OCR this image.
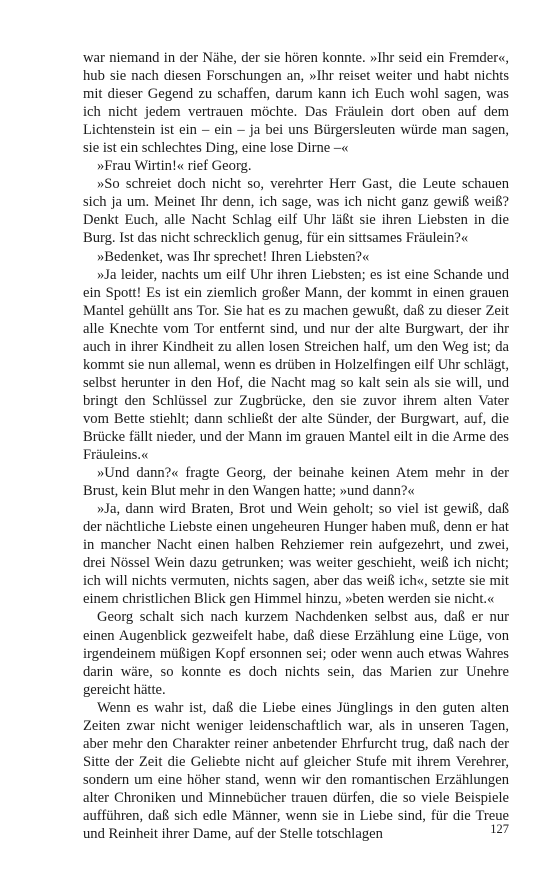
war niemand in der Nähe, der sie hören konnte. »Ihr seid ein Fremder«, hub sie nach diesen Forschungen an, »Ihr reiset weiter und habt nichts mit dieser Gegend zu schaffen, darum kann ich Euch wohl sagen, was ich nicht jedem vertrauen möchte. Das Fräulein dort oben auf dem Lichtenstein ist ein – ein – ja bei uns Bürgersleuten würde man sagen, sie ist ein schlechtes Ding, eine lose Dirne –«

»Frau Wirtin!« rief Georg.

»So schreiet doch nicht so, verehrter Herr Gast, die Leute schauen sich ja um. Meinet Ihr denn, ich sage, was ich nicht ganz gewiß weiß? Denkt Euch, alle Nacht Schlag eilf Uhr läßt sie ihren Liebsten in die Burg. Ist das nicht schrecklich genug, für ein sittsames Fräulein?«

»Bedenket, was Ihr sprechet! Ihren Liebsten?«

»Ja leider, nachts um eilf Uhr ihren Liebsten; es ist eine Schande und ein Spott! Es ist ein ziemlich großer Mann, der kommt in einen grauen Mantel gehüllt ans Tor. Sie hat es zu machen gewußt, daß zu dieser Zeit alle Knechte vom Tor entfernt sind, und nur der alte Burgwart, der ihr auch in ihrer Kindheit zu allen losen Streichen half, um den Weg ist; da kommt sie nun allemal, wenn es drüben in Holzelfingen eilf Uhr schlägt, selbst herunter in den Hof, die Nacht mag so kalt sein als sie will, und bringt den Schlüssel zur Zugbrücke, den sie zuvor ihrem alten Vater vom Bette stiehlt; dann schließt der alte Sünder, der Burgwart, auf, die Brücke fällt nieder, und der Mann im grauen Mantel eilt in die Arme des Fräuleins.«

»Und dann?« fragte Georg, der beinahe keinen Atem mehr in der Brust, kein Blut mehr in den Wangen hatte; »und dann?«

»Ja, dann wird Braten, Brot und Wein geholt; so viel ist gewiß, daß der nächtliche Liebste einen ungeheuren Hunger haben muß, denn er hat in mancher Nacht einen halben Rehziemer rein aufgezehrt, und zwei, drei Nössel Wein dazu getrunken; was weiter geschieht, weiß ich nicht; ich will nichts vermuten, nichts sagen, aber das weiß ich«, setzte sie mit einem christlichen Blick gen Himmel hinzu, »beten werden sie nicht.«

Georg schalt sich nach kurzem Nachdenken selbst aus, daß er nur einen Augenblick gezweifelt habe, daß diese Erzählung eine Lüge, von irgendeinem müßigen Kopf ersonnen sei; oder wenn auch etwas Wahres darin wäre, so konnte es doch nichts sein, das Marien zur Unehre gereicht hätte.

Wenn es wahr ist, daß die Liebe eines Jünglings in den guten alten Zeiten zwar nicht weniger leidenschaftlich war, als in unseren Tagen, aber mehr den Charakter reiner anbetender Ehrfurcht trug, daß nach der Sitte der Zeit die Geliebte nicht auf gleicher Stufe mit ihrem Verehrer, sondern um eine höher stand, wenn wir den romantischen Erzählungen alter Chroniken und Minnebücher trauen dürfen, die so viele Beispiele aufführen, daß sich edle Männer, wenn sie in Liebe sind, für die Treue und Reinheit ihrer Dame, auf der Stelle totschlagen	127
